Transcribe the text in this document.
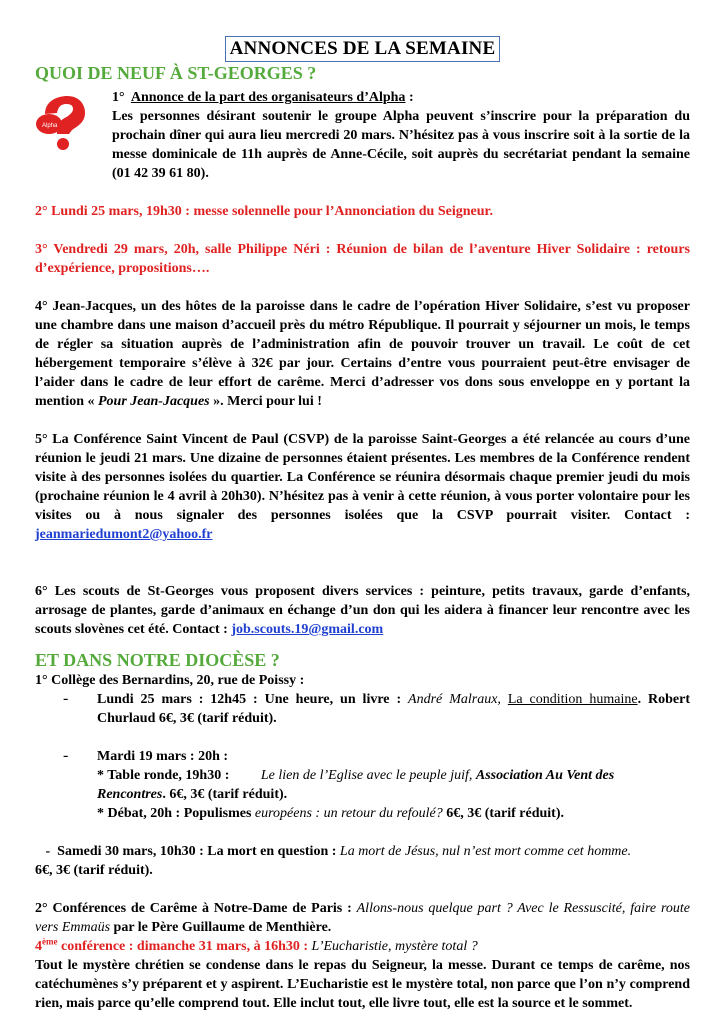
ANNONCES DE LA SEMAINE
QUOI DE NEUF À ST-GEORGES ?
Alpha

1° Annonce de la part des organisateurs d’Alpha :

Les personnes désirant soutenir le groupe Alpha peuvent s’inscrire pour la préparation du prochain dîner qui aura lieu mercredi 20 mars. N’hésitez pas à vous inscrire soit à la sortie de la messe dominicale de 11h auprès de Anne-Cécile, soit auprès du secrétariat pendant la semaine (01 42 39 61 80).

2° Lundi 25 mars, 19h30 : messe solennelle pour l’Annonciation du Seigneur.

3° Vendredi 29 mars, 20h, salle Philippe Néri : Réunion de bilan de l’aventure Hiver Solidaire : retours d’expérience, propositions….

4° Jean-Jacques, un des hôtes de la paroisse dans le cadre de l’opération Hiver Solidaire, s’est vu proposer une chambre dans une maison d’accueil près du métro République. Il pourrait y séjourner un mois, le temps de régler sa situation auprès de l’administration afin de pouvoir trouver un travail. Le coût de cet hébergement temporaire s’élève à 32€ par jour. Certains d’entre vous pourraient peut-être envisager de l’aider dans le cadre de leur effort de carême. Merci d’adresser vos dons sous enveloppe en y portant la mention « Pour Jean-Jacques ». Merci pour lui !

5° La Conférence Saint Vincent de Paul (CSVP) de la paroisse Saint-Georges a été relancée au cours d’une réunion le jeudi 21 mars. Une dizaine de personnes étaient présentes. Les membres de la Conférence rendent visite à des personnes isolées du quartier. La Conférence se réunira désormais chaque premier jeudi du mois (prochaine réunion le 4 avril à 20h30). N’hésitez pas à venir à cette réunion, à vous porter volontaire pour les visites ou à nous signaler des personnes isolées que la CSVP pourrait visiter. Contact : jeanmariedumont2@yahoo.fr

6° Les scouts de St-Georges vous proposent divers services : peinture, petits travaux, garde d’enfants, arrosage de plantes, garde d’animaux en échange d’un don qui les aidera à financer leur rencontre avec les scouts slovènes cet été. Contact : job.scouts.19@gmail.com

ET DANS NOTRE DIOCÈSE ?

1° Collège des Bernardins, 20, rue de Poissy :

-	Lundi 25 mars : 12h45 : Une heure, un livre : André Malraux, La condition humaine. Robert Churlaud 6€, 3€ (tarif réduit).

-	Mardi 19 mars : 20h :

* Table ronde, 19h30 : Le lien de l’Eglise avec le peuple juif, Association Au Vent des
Rencontres. 6€, 3€ (tarif réduit).

* Débat, 20h : Populismes européens : un retour du refoulé? 6€, 3€ (tarif réduit).

-  Samedi 30 mars, 10h30 : La mort en question : La mort de Jésus, nul n’est mort comme cet homme.
6€, 3€ (tarif réduit).

2° Conférences de Carême à Notre-Dame de Paris : Allons-nous quelque part ? Avec le Ressuscité, faire route vers Emmaüs par le Père Guillaume de Menthière.

4ème conférence : dimanche 31 mars, à 16h30 : L’Eucharistie, mystère total ?

Tout le mystère chrétien se condense dans le repas du Seigneur, la messe. Durant ce temps de carême, nos catéchumènes s’y préparent et y aspirent. L’Eucharistie est le mystère total, non parce que l’on n’y comprend rien, mais parce qu’elle comprend tout. Elle inclut tout, elle livre tout, elle est la source et le sommet.
